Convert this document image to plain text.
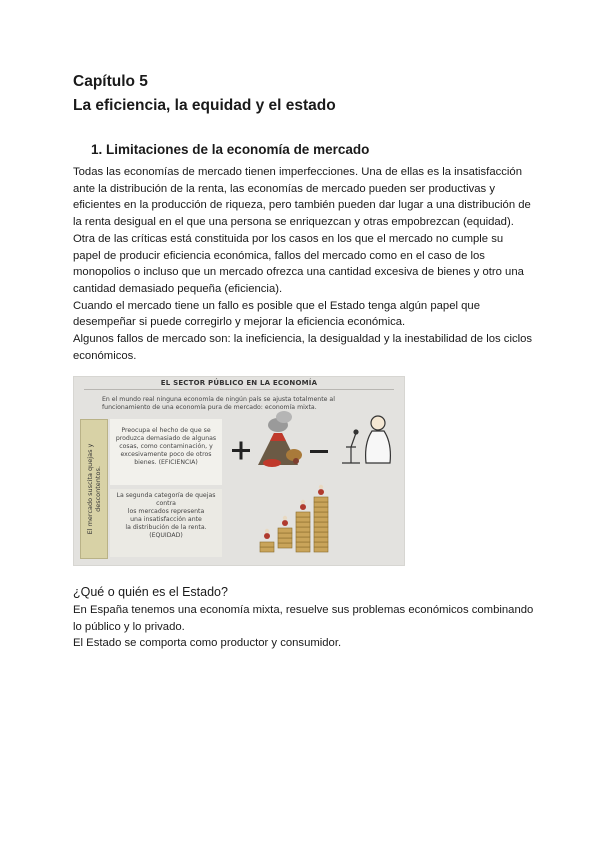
Capítulo 5
La eficiencia, la equidad y el estado
1. Limitaciones de la economía de mercado

Todas las economías de mercado tienen imperfecciones. Una de ellas es la insatisfacción
ante la distribución de la renta, las economías de mercado pueden ser productivas y
eficientes en la producción de riqueza, pero también pueden dar lugar a una distribución de
la renta desigual en el que una persona se enriquezcan y otras empobrezcan (equidad).
Otra de las críticas está constituida por los casos en los que el mercado no cumple su
papel de producir eficiencia económica, fallos del mercado como en el caso de los
monopolios o incluso que un mercado ofrezca una cantidad excesiva de bienes y otro una
cantidad demasiado pequeña (eficiencia).
Cuando el mercado tiene un fallo es posible que el Estado tenga algún papel que
desempeñar si puede corregirlo y mejorar la eficiencia económica.
Algunos fallos de mercado son: la ineficiencia, la desigualdad y la inestabilidad de los ciclos
económicos.

EL SECTOR PÚBLICO EN LA ECONOMÍA
En el mundo real ninguna economía de ningún país se ajusta totalmente al
funcionamiento de una economía pura de mercado: economía mixta.
El mercado suscita quejas y descontentos.
Preocupa el hecho de que se
produzca demasiado de algunas
cosas, como contaminación, y
excesivamente poco de otros
bienes. (EFICIENCIA)
La segunda categoría de quejas
contra
los mercados representa
una insatisfacción ante
la distribución de la renta.
(EQUIDAD)

¿Qué o quién es el Estado?

En España tenemos una economía mixta, resuelve sus problemas económicos combinando
lo público y lo privado.
El Estado se comporta como productor y consumidor.
